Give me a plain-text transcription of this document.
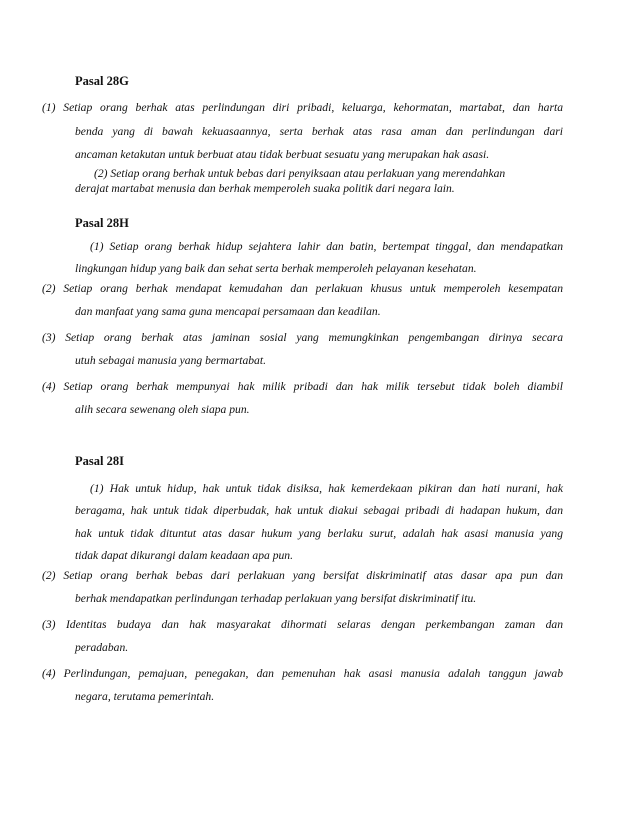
Pasal 28G
(1) Setiap orang berhak atas perlindungan diri pribadi, keluarga, kehormatan, martabat, dan harta
benda yang di bawah kekuasaannya, serta berhak atas rasa aman dan perlindungan dari
ancaman ketakutan untuk berbuat atau tidak berbuat sesuatu yang merupakan hak asasi.
(2) Setiap orang berhak untuk bebas dari penyiksaan atau perlakuan yang merendahkan
derajat martabat menusia dan berhak memperoleh suaka politik dari negara lain.
Pasal 28H
(1) Setiap orang berhak hidup sejahtera lahir dan batin, bertempat tinggal, dan mendapatkan
lingkungan hidup yang baik dan sehat serta berhak memperoleh pelayanan kesehatan.
(2) Setiap orang berhak mendapat kemudahan dan perlakuan khusus untuk memperoleh kesempatan
dan manfaat yang sama guna mencapai persamaan dan keadilan.
(3) Setiap orang berhak atas jaminan sosial yang memungkinkan pengembangan dirinya secara
utuh sebagai manusia yang bermartabat.
(4) Setiap orang berhak mempunyai hak milik pribadi dan hak milik tersebut tidak boleh diambil
alih secara sewenang oleh siapa pun.
Pasal 28I
(1) Hak untuk hidup, hak untuk tidak disiksa, hak kemerdekaan pikiran dan hati nurani, hak
beragama, hak untuk tidak diperbudak, hak untuk diakui sebagai pribadi di hadapan hukum, dan
hak untuk tidak dituntut atas dasar hukum yang berlaku surut, adalah hak asasi manusia yang
tidak dapat dikurangi dalam keadaan apa pun.
(2) Setiap orang berhak bebas dari perlakuan yang bersifat diskriminatif atas dasar apa pun dan
berhak mendapatkan perlindungan terhadap perlakuan yang bersifat diskriminatif itu.
(3) Identitas budaya dan hak masyarakat dihormati selaras dengan perkembangan zaman dan
peradaban.
(4) Perlindungan, pemajuan, penegakan, dan pemenuhan hak asasi manusia adalah tanggun jawab
negara, terutama pemerintah.
